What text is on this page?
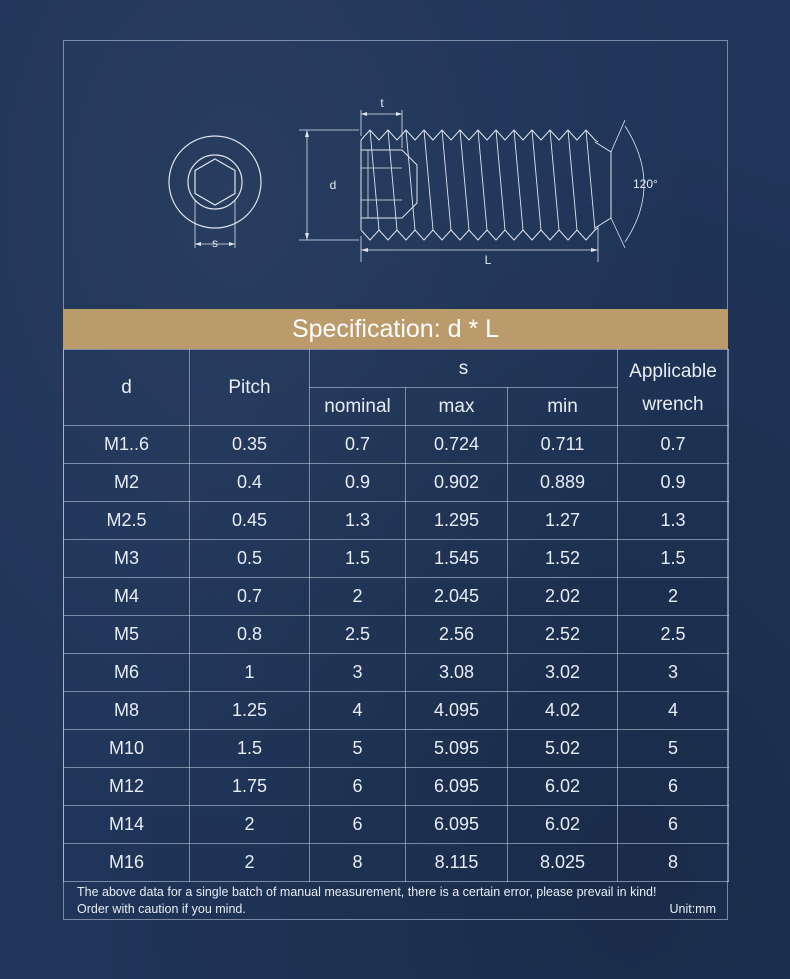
t
d
s
L
120°
Specification: d * L
d	Pitch	s			Applicable
wrench
		nominal	max	min	
M1..6	0.35	0.7	0.724	0.711	0.7
M2	0.4	0.9	0.902	0.889	0.9
M2.5	0.45	1.3	1.295	1.27	1.3
M3	0.5	1.5	1.545	1.52	1.5
M4	0.7	2	2.045	2.02	2
M5	0.8	2.5	2.56	2.52	2.5
M6	1	3	3.08	3.02	3
M8	1.25	4	4.095	4.02	4
M10	1.5	5	5.095	5.02	5
M12	1.75	6	6.095	6.02	6
M14	2	6	6.095	6.02	6
M16	2	8	8.115	8.025	8
The above data for a single batch of manual measurement, there is a certain error, please prevail in kind!
Order with caution if you mind.	Unit:mm
